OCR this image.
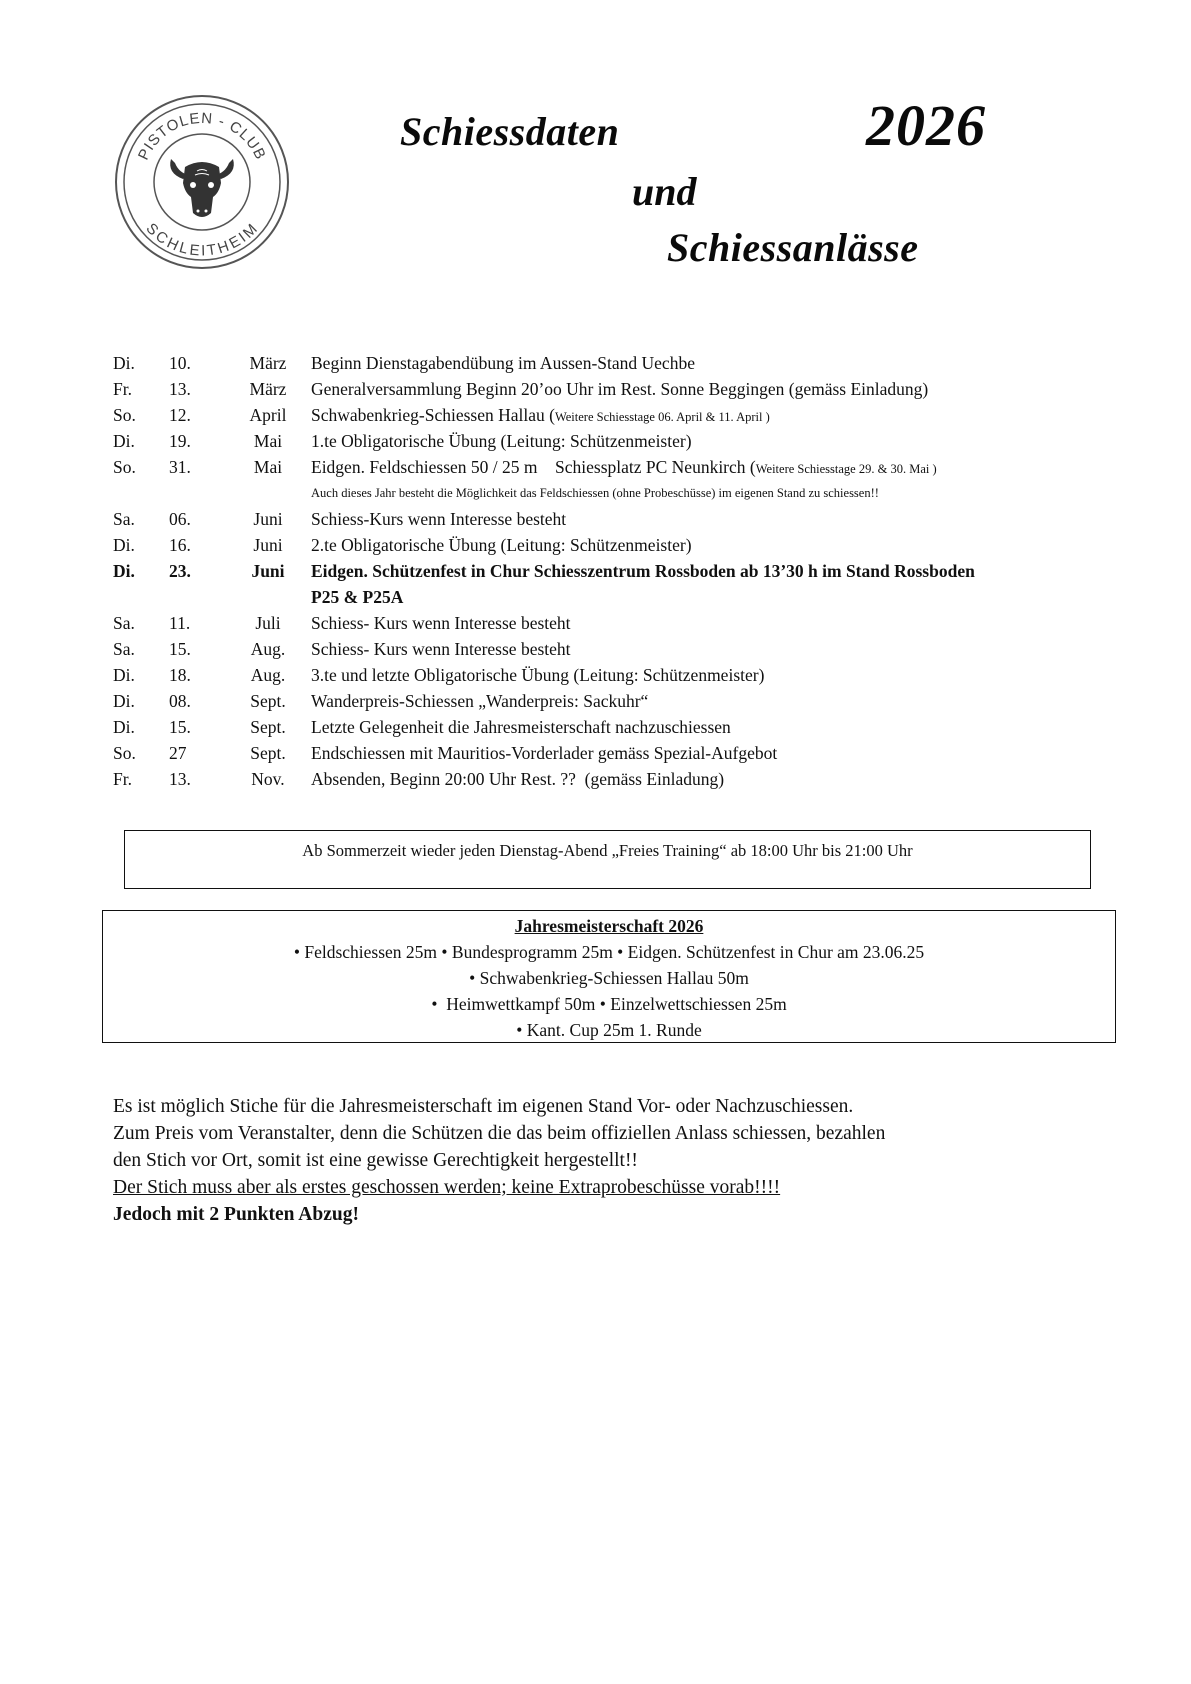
PISTOLEN - CLUB
SCHLEITHEIM
Schiessdaten	2026
und
Schiessanlässe
Di. 10.	März	Beginn Dienstagabendübung im Aussen-Stand Uechbe
Fr. 13.	März	Generalversammlung Beginn 20’oo Uhr im Rest. Sonne Beggingen (gemäss Einladung)
So. 12.	April	Schwabenkrieg-Schiessen Hallau (Weitere Schiesstage 06. April & 11. April )
Di. 19.	Mai	1.te Obligatorische Übung (Leitung: Schützenmeister)
So. 31.	Mai	Eidgen. Feldschiessen 50 / 25 m    Schiessplatz PC Neunkirch (Weitere Schiesstage 29. & 30. Mai )
Auch dieses Jahr besteht die Möglichkeit das Feldschiessen (ohne Probeschüsse) im eigenen Stand zu schiessen!!
Sa. 06.	Juni	Schiess-Kurs wenn Interesse besteht
Di. 16.	Juni	2.te Obligatorische Übung (Leitung: Schützenmeister)
Di. 23.	Juni	Eidgen. Schützenfest in Chur Schiesszentrum Rossboden ab 13’30 h im Stand Rossboden
P25 & P25A
Sa. 11.	Juli	Schiess- Kurs wenn Interesse besteht
Sa. 15.	Aug.	Schiess- Kurs wenn Interesse besteht
Di. 18.	Aug.	3.te und letzte Obligatorische Übung (Leitung: Schützenmeister)
Di. 08.	Sept.	Wanderpreis-Schiessen „Wanderpreis: Sackuhr“
Di. 15.	Sept.	Letzte Gelegenheit die Jahresmeisterschaft nachzuschiessen
So. 27	Sept.	Endschiessen mit Mauritios-Vorderlader gemäss Spezial-Aufgebot
Fr. 13.	Nov.	Absenden, Beginn 20:00 Uhr Rest. ??  (gemäss Einladung)
Ab Sommerzeit wieder jeden Dienstag-Abend „Freies Training“ ab 18:00 Uhr bis 21:00 Uhr
Jahresmeisterschaft 2026
• Feldschiessen 25m • Bundesprogramm 25m • Eidgen. Schützenfest in Chur am 23.06.25
• Schwabenkrieg-Schiessen Hallau 50m
•  Heimwettkampf 50m • Einzelwettschiessen 25m
• Kant. Cup 25m 1. Runde
Es ist möglich Stiche für die Jahresmeisterschaft im eigenen Stand Vor- oder Nachzuschiessen.
Zum Preis vom Veranstalter, denn die Schützen die das beim offiziellen Anlass schiessen, bezahlen
den Stich vor Ort, somit ist eine gewisse Gerechtigkeit hergestellt!!
Der Stich muss aber als erstes geschossen werden; keine Extraprobeschüsse vorab!!!!
Jedoch mit 2 Punkten Abzug!
